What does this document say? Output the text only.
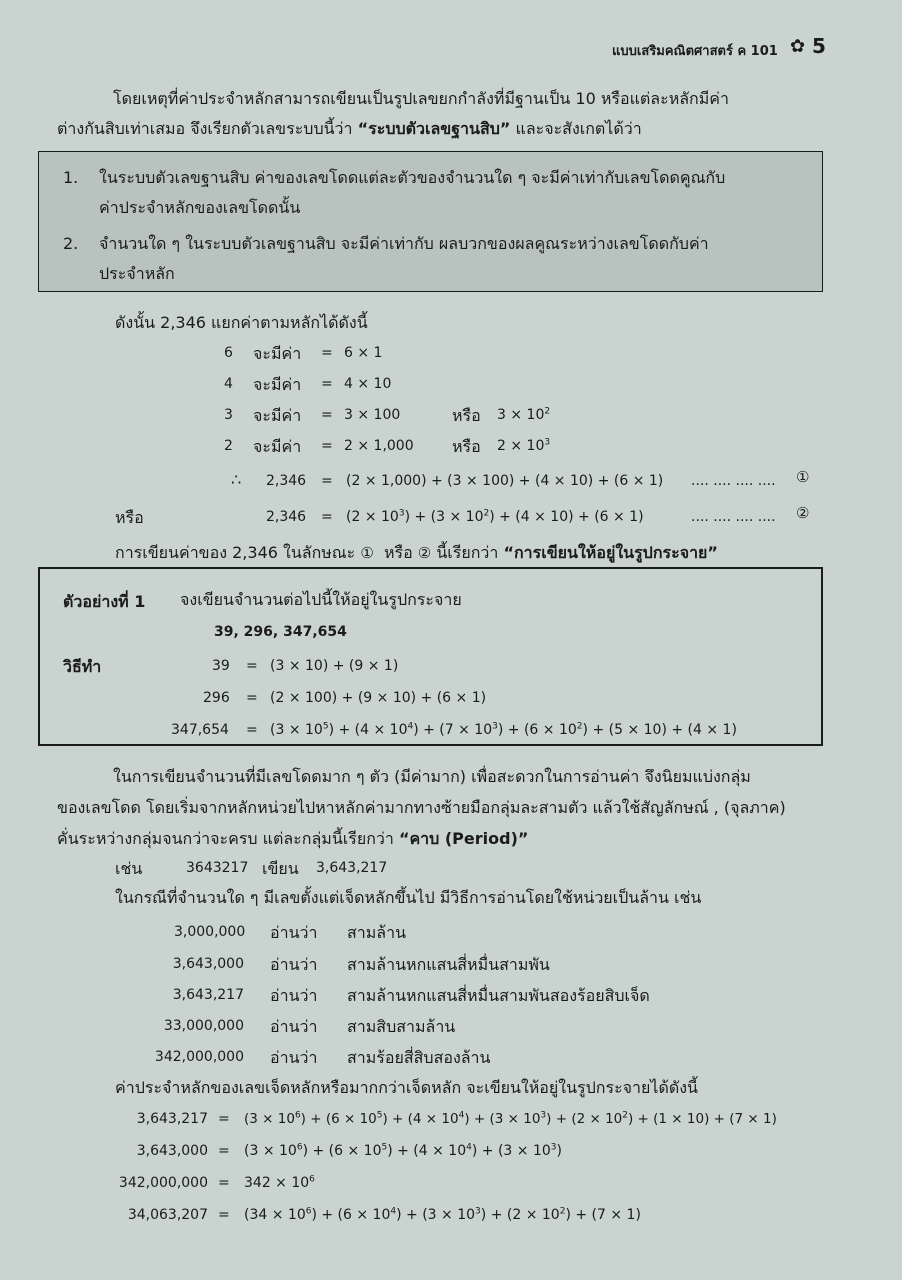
แบบเสริมคณิตศาสตร์ ค 101 ✿ 5
โดยเหตุที่ค่าประจำหลักสามารถเขียนเป็นรูปเลขยกกำลังที่มีฐานเป็น 10 หรือแต่ละหลักมีค่า
ต่างกันสิบเท่าเสมอ จึงเรียกตัวเลขระบบนี้ว่า “ระบบตัวเลขฐานสิบ” และจะสังเกตได้ว่า
1. ในระบบตัวเลขฐานสิบ ค่าของเลขโดดแต่ละตัวของจำนวนใด ๆ จะมีค่าเท่ากับเลขโดดคูณกับ
ค่าประจำหลักของเลขโดดนั้น
2. จำนวนใด ๆ ในระบบตัวเลขฐานสิบ จะมีค่าเท่ากับ ผลบวกของผลคูณระหว่างเลขโดดกับค่า
ประจำหลัก
ดังนั้น 2,346 แยกค่าตามหลักได้ดังนี้
6 จะมีค่า = 6 × 1
4 จะมีค่า = 4 × 10
3 จะมีค่า = 3 × 100	หรือ $3 \times 10^2$
2 จะมีค่า = 2 × 1,000 หรือ $2 \times 10^3$
∴ 2,346 = (2 × 1,000) + (3 × 100) + (4 × 10) + (6 × 1) .... .... .... .... ①
หรือ	$2,346 = (2 \times 10^3) + (3 \times 10^2) + (4 \times 10) + (6 \times 1)$	.... .... .... .... ②
การเขียนค่าของ 2,346 ในลักษณะ ① หรือ ② นี้เรียกว่า “การเขียนให้อยู่ในรูปกระจาย”
ตัวอย่างที่ 1 จงเขียนจำนวนต่อไปนี้ให้อยู่ในรูปกระจาย
39, 296, 347,654
วิธีทำ	39 = (3 × 10) + (9 × 1)
296 = (2 × 100) + (9 × 10) + (6 × 1)
$347,654 = (3 \times 10^5) + (4 \times 10^4) + (7 \times 10^3) + (6 \times 10^2) + (5 \times 10) + (4 \times 1)$
ในการเขียนจำนวนที่มีเลขโดดมาก ๆ ตัว (มีค่ามาก) เพื่อสะดวกในการอ่านค่า จึงนิยมแบ่งกลุ่ม
ของเลขโดด โดยเริ่มจากหลักหน่วยไปหาหลักค่ามากทางซ้ายมือกลุ่มละสามตัว แล้วใช้สัญลักษณ์ , (จุลภาค)
คั่นระหว่างกลุ่มจนกว่าจะครบ แต่ละกลุ่มนี้เรียกว่า “คาบ (Period)”
เช่น	3643217 เขียน 3,643,217
ในกรณีที่จำนวนใด ๆ มีเลขตั้งแต่เจ็ดหลักขึ้นไป มีวิธีการอ่านโดยใช้หน่วยเป็นล้าน เช่น
3,000,000 อ่านว่า สามล้าน
3,643,000 อ่านว่า สามล้านหกแสนสี่หมื่นสามพัน
3,643,217 อ่านว่า สามล้านหกแสนสี่หมื่นสามพันสองร้อยสิบเจ็ด
33,000,000 อ่านว่า สามสิบสามล้าน
342,000,000 อ่านว่า สามร้อยสี่สิบสองล้าน
ค่าประจำหลักของเลขเจ็ดหลักหรือมากกว่าเจ็ดหลัก จะเขียนให้อยู่ในรูปกระจายได้ดังนี้
$3,643,217 = (3 \times 10^6) + (6 \times 10^5) + (4 \times 10^4) + (3 \times 10^3) + (2 \times 10^2) + (1 \times 10) + (7 \times 1)$
$3,643,000 = (3 \times 10^6) + (6 \times 10^5) + (4 \times 10^4) + (3 \times 10^3)$
$342,000,000 = 342 \times 10^6$
$34,063,207 = (34 \times 10^6) + (6 \times 10^4) + (3 \times 10^3) + (2 \times 10^2) + (7 \times 1)$
